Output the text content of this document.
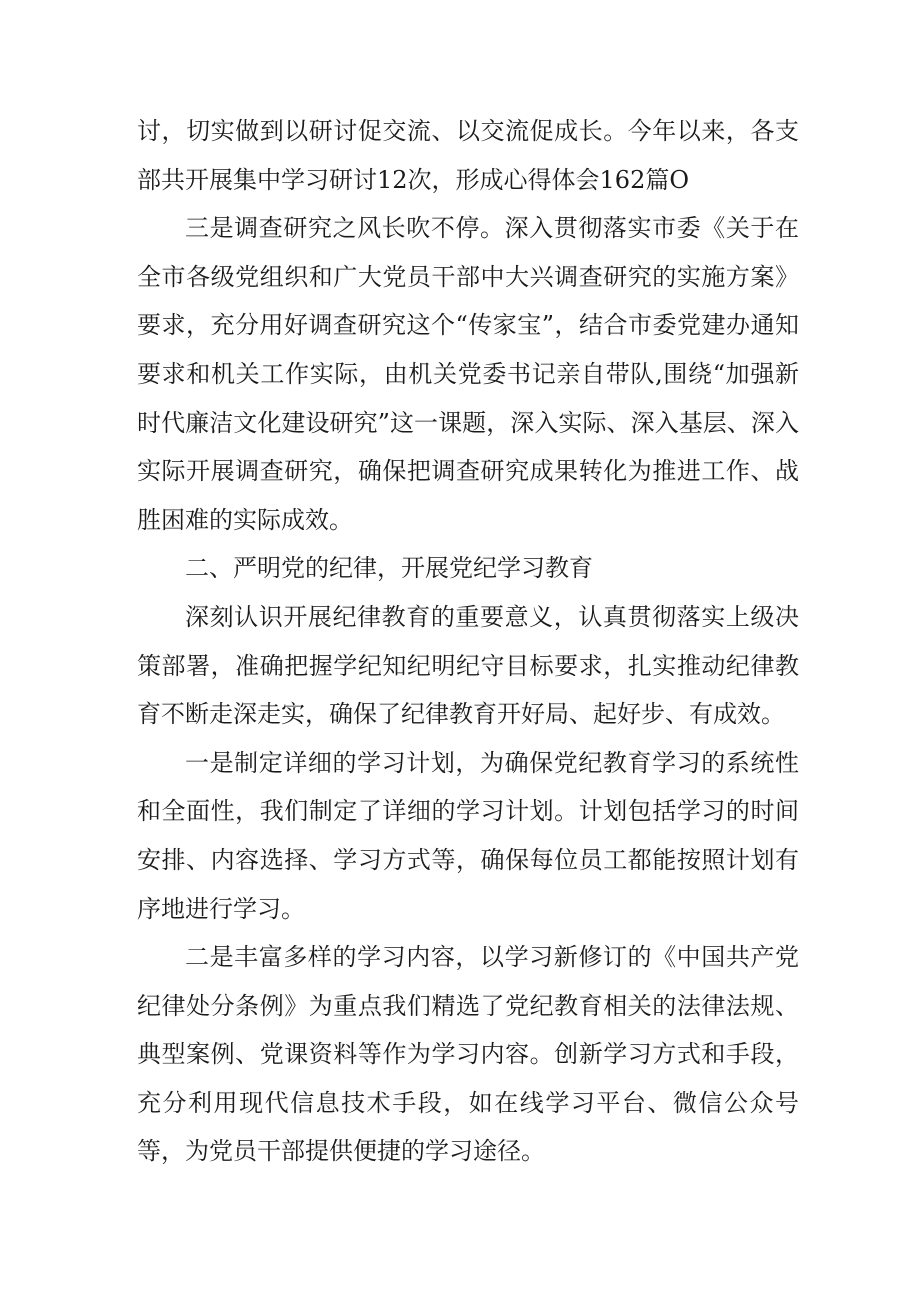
讨，切实做到以研讨促交流、以交流促成长。今年以来，各支部共开展集中学习研讨12次，形成心得体会162篇O

三是调查研究之风长吹不停。深入贯彻落实市委《关于在全市各级党组织和广大党员干部中大兴调查研究的实施方案》要求，充分用好调查研究这个“传家宝”，结合市委党建办通知要求和机关工作实际，由机关党委书记亲自带队,围绕“加强新时代廉洁文化建设研究”这一课题，深入实际、深入基层、深入实际开展调查研究，确保把调查研究成果转化为推进工作、战胜困难的实际成效。

二、严明党的纪律，开展党纪学习教育

深刻认识开展纪律教育的重要意义，认真贯彻落实上级决策部署，准确把握学纪知纪明纪守目标要求，扎实推动纪律教育不断走深走实，确保了纪律教育开好局、起好步、有成效。

一是制定详细的学习计划，为确保党纪教育学习的系统性和全面性，我们制定了详细的学习计划。计划包括学习的时间安排、内容选择、学习方式等，确保每位员工都能按照计划有序地进行学习。

二是丰富多样的学习内容，以学习新修订的《中国共产党纪律处分条例》为重点我们精选了党纪教育相关的法律法规、典型案例、党课资料等作为学习内容。创新学习方式和手段，充分利用现代信息技术手段，如在线学习平台、微信公众号等，为党员干部提供便捷的学习途径。
